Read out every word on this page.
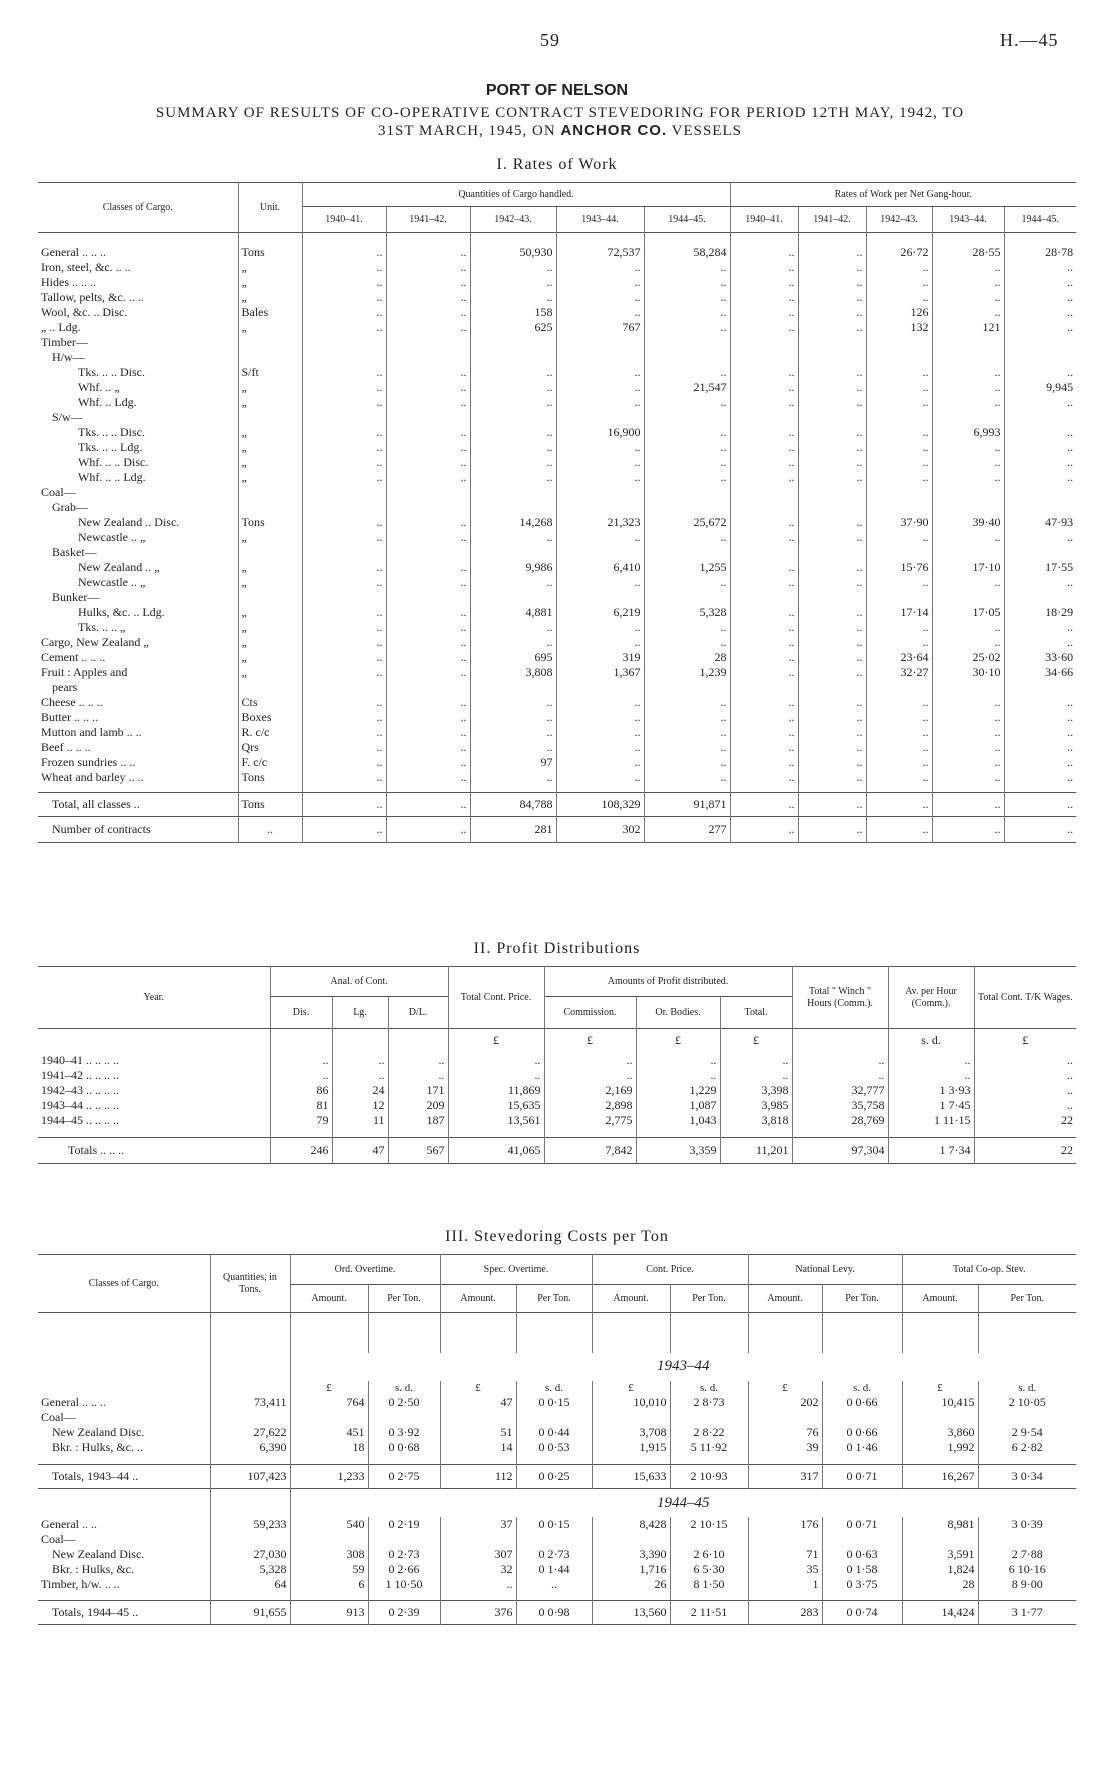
59	H.—45
PORT OF NELSON
SUMMARY OF RESULTS OF CO-OPERATIVE CONTRACT STEVEDORING FOR PERIOD 12TH MAY, 1942, TO
31ST MARCH, 1945, ON ANCHOR CO. VESSELS
I. Rates of Work
Classes of Cargo.	Unit.	Quantities of Cargo handled.					Rates of Work per Net Gang-hour.				
		1940–41.	1941–42.	1942–43.	1943–44.	1944–45.	1940–41.	1941–42.	1942–43.	1943–44.	1944–45.

General .. .. ..	Tons	..	..	50,930	72,537	58,284	..	..	26·72	28·55	28·78
Iron, steel, &c. .. ..	„	..	..	..	..	..	..	..	..	..	..
Hides .. .. ..	„	..	..	..	..	..	..	..	..	..	..
Tallow, pelts, &c. .. ..	„	..	..	..	..	..	..	..	..	..	..
Wool, &c. .. Disc.	Bales	..	..	158	..	..	..	..	126	..	..
„ .. Ldg.	„	..	..	625	767	..	..	..	132	121	..
Timber—											
H/w—											
Tks. .. .. Disc.	S/ft	..	..	..	..	..	..	..	..	..	..
Whf. .. „	„	..	..	..	..	21,547	..	..	..	..	9,945
Whf. .. Ldg.	„	..	..	..	..	..	..	..	..	..	..
S/w—											
Tks. .. .. Disc.	„	..	..	..	16,900	..	..	..	..	6,993	..
Tks. .. .. Ldg.	„	..	..	..	..	..	..	..	..	..	..
Whf. .. .. Disc.	„	..	..	..	..	..	..	..	..	..	..
Whf. .. .. Ldg.	„	..	..	..	..	..	..	..	..	..	..
Coal—											
Grab—											
New Zealand .. Disc.	Tons	..	..	14,268	21,323	25,672	..	..	37·90	39·40	47·93
Newcastle .. „	„	..	..	..	..	..	..	..	..	..	..
Basket—											
New Zealand .. „	„	..	..	9,986	6,410	1,255	..	..	15·76	17·10	17·55
Newcastle .. „	„	..	..	..	..	..	..	..	..	..	..
Bunker—											
Hulks, &c. .. Ldg.	„	..	..	4,881	6,219	5,328	..	..	17·14	17·05	18·29
Tks. .. .. „	„	..	..	..	..	..	..	..	..	..	..
Cargo, New Zealand „	„	..	..	..	..	..	..	..	..	..	..
Cement .. .. ..	„	..	..	695	319	28	..	..	23·64	25·02	33·60
Fruit : Apples and	„	..	..	3,808	1,367	1,239	..	..	32·27	30·10	34·66
pears											
Cheese .. .. ..	Cts	..	..	..	..	..	..	..	..	..	..
Butter .. .. ..	Boxes	..	..	..	..	..	..	..	..	..	..
Mutton and lamb .. ..	R. c/c	..	..	..	..	..	..	..	..	..	..
Beef .. .. ..	Qrs	..	..	..	..	..	..	..	..	..	..
Frozen sundries .. ..	F. c/c	..	..	97	..	..	..	..	..	..	..
Wheat and barley .. ..	Tons	..	..	..	..	..	..	..	..	..	..

Total, all classes ..	Tons	..	..	84,788	108,329	91,871	..	..	..	..	..
Number of contracts	..	..	..	281	302	277	..	..	..	..	..
II. Profit Distributions
Year.	Anal. of Cont.			Total Cont. Price.	Amounts of Profit distributed.			Total " Winch " Hours (Comm.).	Av. per Hour (Comm.).	Total Cont. T/K Wages.
	Dis.	Lg.	D/L.		Commission.	Or. Bodies.	Total.			
				£	£	£	£		s. d.	£
1940–41 .. .. .. ..	..	..	..	..	..	..	..	..	..	..
1941–42 .. .. .. ..	..	..	..	..	..	..	..	..	..	..
1942–43 .. .. .. ..	86	24	171	11,869	2,169	1,229	3,398	32,777	1 3·93	..
1943–44 .. .. .. ..	81	12	209	15,635	2,898	1,087	3,985	35,758	1 7·45	..
1944–45 .. .. .. ..	79	11	187	13,561	2,775	1,043	3,818	28,769	1 11·15	22

Totals .. .. ..	246	47	567	41,065	7,842	3,359	11,201	97,304	1 7·34	22
III. Stevedoring Costs per Ton
Classes of Cargo.	Quantities, in Tons.	Ord. Overtime.		Spec. Overtime.		Cont. Price.		National Levy.		Total Co-op. Stev.	
		Amount.	Per Ton.	Amount.	Per Ton.	Amount.	Per Ton.	Amount.	Per Ton.	Amount.	Per Ton.

		1943–44									
		£	s. d.	£	s. d.	£	s. d.	£	s. d.	£	s. d.
General .. .. ..	73,411	764	0 2·50	47	0 0·15	10,010	2 8·73	202	0 0·66	10,415	2 10·05
Coal—											
New Zealand Disc.	27,622	451	0 3·92	51	0 0·44	3,708	2 8·22	76	0 0·66	3,860	2 9·54
Bkr. : Hulks, &c. ..	6,390	18	0 0·68	14	0 0·53	1,915	5 11·92	39	0 1·46	1,992	6 2·82

Totals, 1943–44 ..	107,423	1,233	0 2·75	112	0 0·25	15,633	2 10·93	317	0 0·71	16,267	3 0·34
		1944–45									
General .. ..	59,233	540	0 2·19	37	0 0·15	8,428	2 10·15	176	0 0·71	8,981	3 0·39
Coal—											
New Zealand Disc.	27,030	308	0 2·73	307	0 2·73	3,390	2 6·10	71	0 0·63	3,591	2 7·88
Bkr. : Hulks, &c.	5,328	59	0 2·66	32	0 1·44	1,716	6 5·30	35	0 1·58	1,824	6 10·16
Timber, h/w. .. ..	64	6	1 10·50	..	..	26	8 1·50	1	0 3·75	28	8 9·00

Totals, 1944–45 ..	91,655	913	0 2·39	376	0 0·98	13,560	2 11·51	283	0 0·74	14,424	3 1·77
